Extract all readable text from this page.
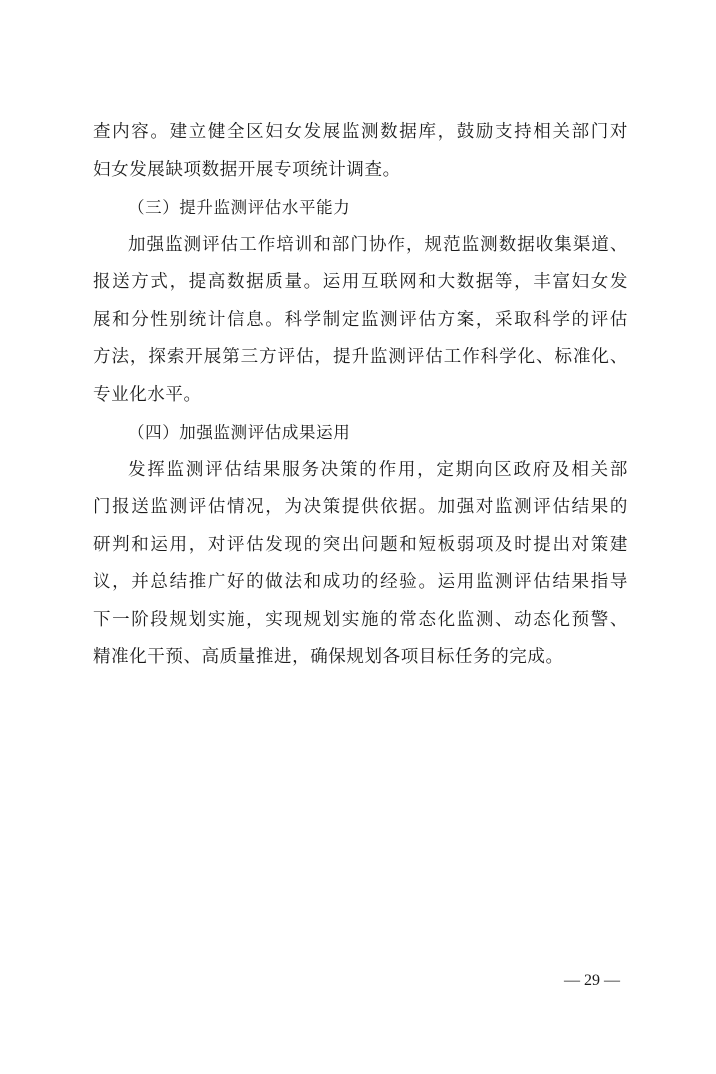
查内容。建立健全区妇女发展监测数据库，鼓励支持相关部门对
妇女发展缺项数据开展专项统计调查。
（三）提升监测评估水平能力
加强监测评估工作培训和部门协作，规范监测数据收集渠道、
报送方式，提高数据质量。运用互联网和大数据等，丰富妇女发
展和分性别统计信息。科学制定监测评估方案，采取科学的评估
方法，探索开展第三方评估，提升监测评估工作科学化、标准化、
专业化水平。
（四）加强监测评估成果运用
发挥监测评估结果服务决策的作用，定期向区政府及相关部
门报送监测评估情况，为决策提供依据。加强对监测评估结果的
研判和运用，对评估发现的突出问题和短板弱项及时提出对策建
议，并总结推广好的做法和成功的经验。运用监测评估结果指导
下一阶段规划实施，实现规划实施的常态化监测、动态化预警、
精准化干预、高质量推进，确保规划各项目标任务的完成。
— 29 —
